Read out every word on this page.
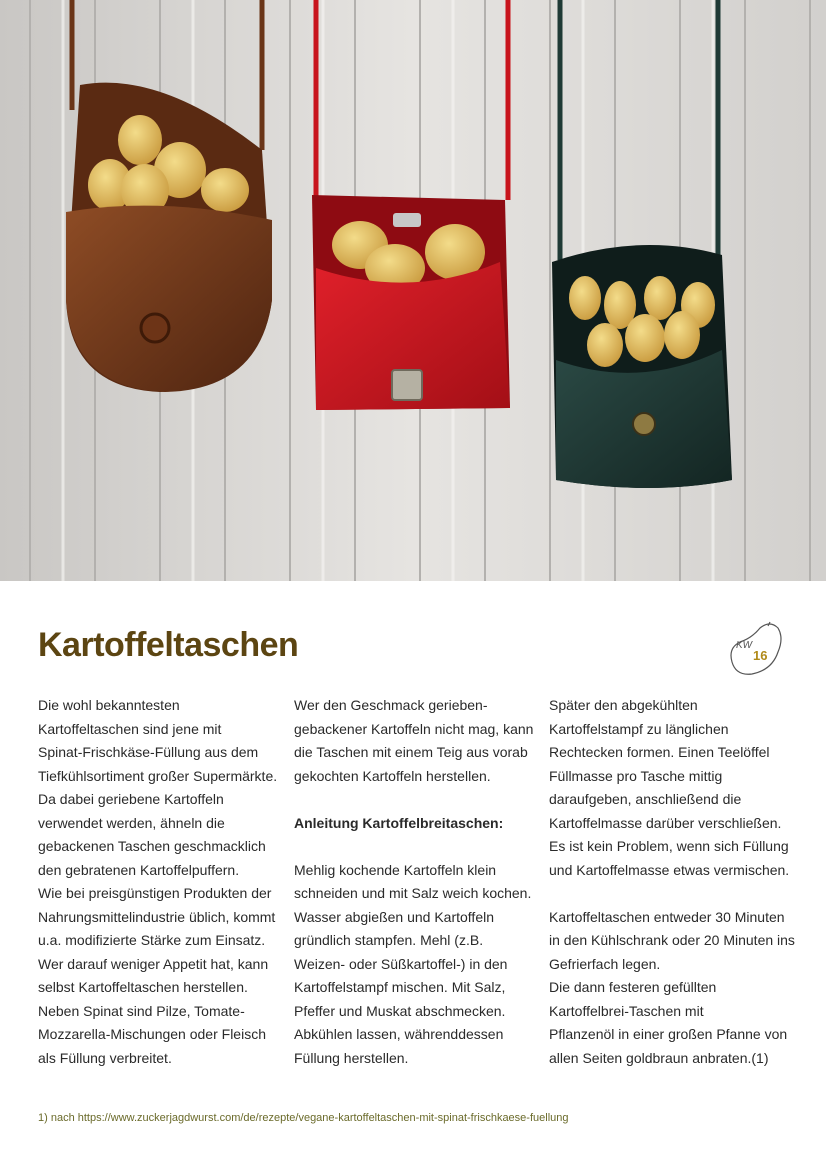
Kartoffeltaschen	KW
16

Die wohl bekanntesten
Kartoffeltaschen sind jene mit
Spinat-Frischkäse-Füllung aus dem
Tiefkühlsortiment großer Supermärkte.
Da dabei geriebene Kartoffeln
verwendet werden, ähneln die
gebackenen Taschen geschmacklich
den gebratenen Kartoffelpuffern.
Wie bei preisgünstigen Produkten der
Nahrungsmittelindustrie üblich, kommt
u.a. modifizierte Stärke zum Einsatz.
Wer darauf weniger Appetit hat, kann
selbst Kartoffeltaschen herstellen.
Neben Spinat sind Pilze, Tomate-
Mozzarella-Mischungen oder Fleisch
als Füllung verbreitet.

Wer den Geschmack gerieben-
gebackener Kartoffeln nicht mag, kann
die Taschen mit einem Teig aus vorab
gekochten Kartoffeln herstellen.

Anleitung Kartoffelbreitaschen:

Mehlig kochende Kartoffeln klein
schneiden und mit Salz weich kochen.
Wasser abgießen und Kartoffeln
gründlich stampfen. Mehl (z.B.
Weizen- oder Süßkartoffel-) in den
Kartoffelstampf mischen. Mit Salz,
Pfeffer und Muskat abschmecken.
Abkühlen lassen, währenddessen
Füllung herstellen.

Später den abgekühlten
Kartoffelstampf zu länglichen
Rechtecken formen. Einen Teelöffel
Füllmasse pro Tasche mittig
daraufgeben, anschließend die
Kartoffelmasse darüber verschließen.
Es ist kein Problem, wenn sich Füllung
und Kartoffelmasse etwas vermischen.

Kartoffeltaschen entweder 30 Minuten
in den Kühlschrank oder 20 Minuten ins
Gefrierfach legen.
Die dann festeren gefüllten
Kartoffelbrei-Taschen mit
Pflanzenöl in einer großen Pfanne von
allen Seiten goldbraun anbraten.(1)

1) nach https://www.zuckerjagdwurst.com/de/rezepte/vegane-kartoffeltaschen-mit-spinat-frischkaese-fuellung
